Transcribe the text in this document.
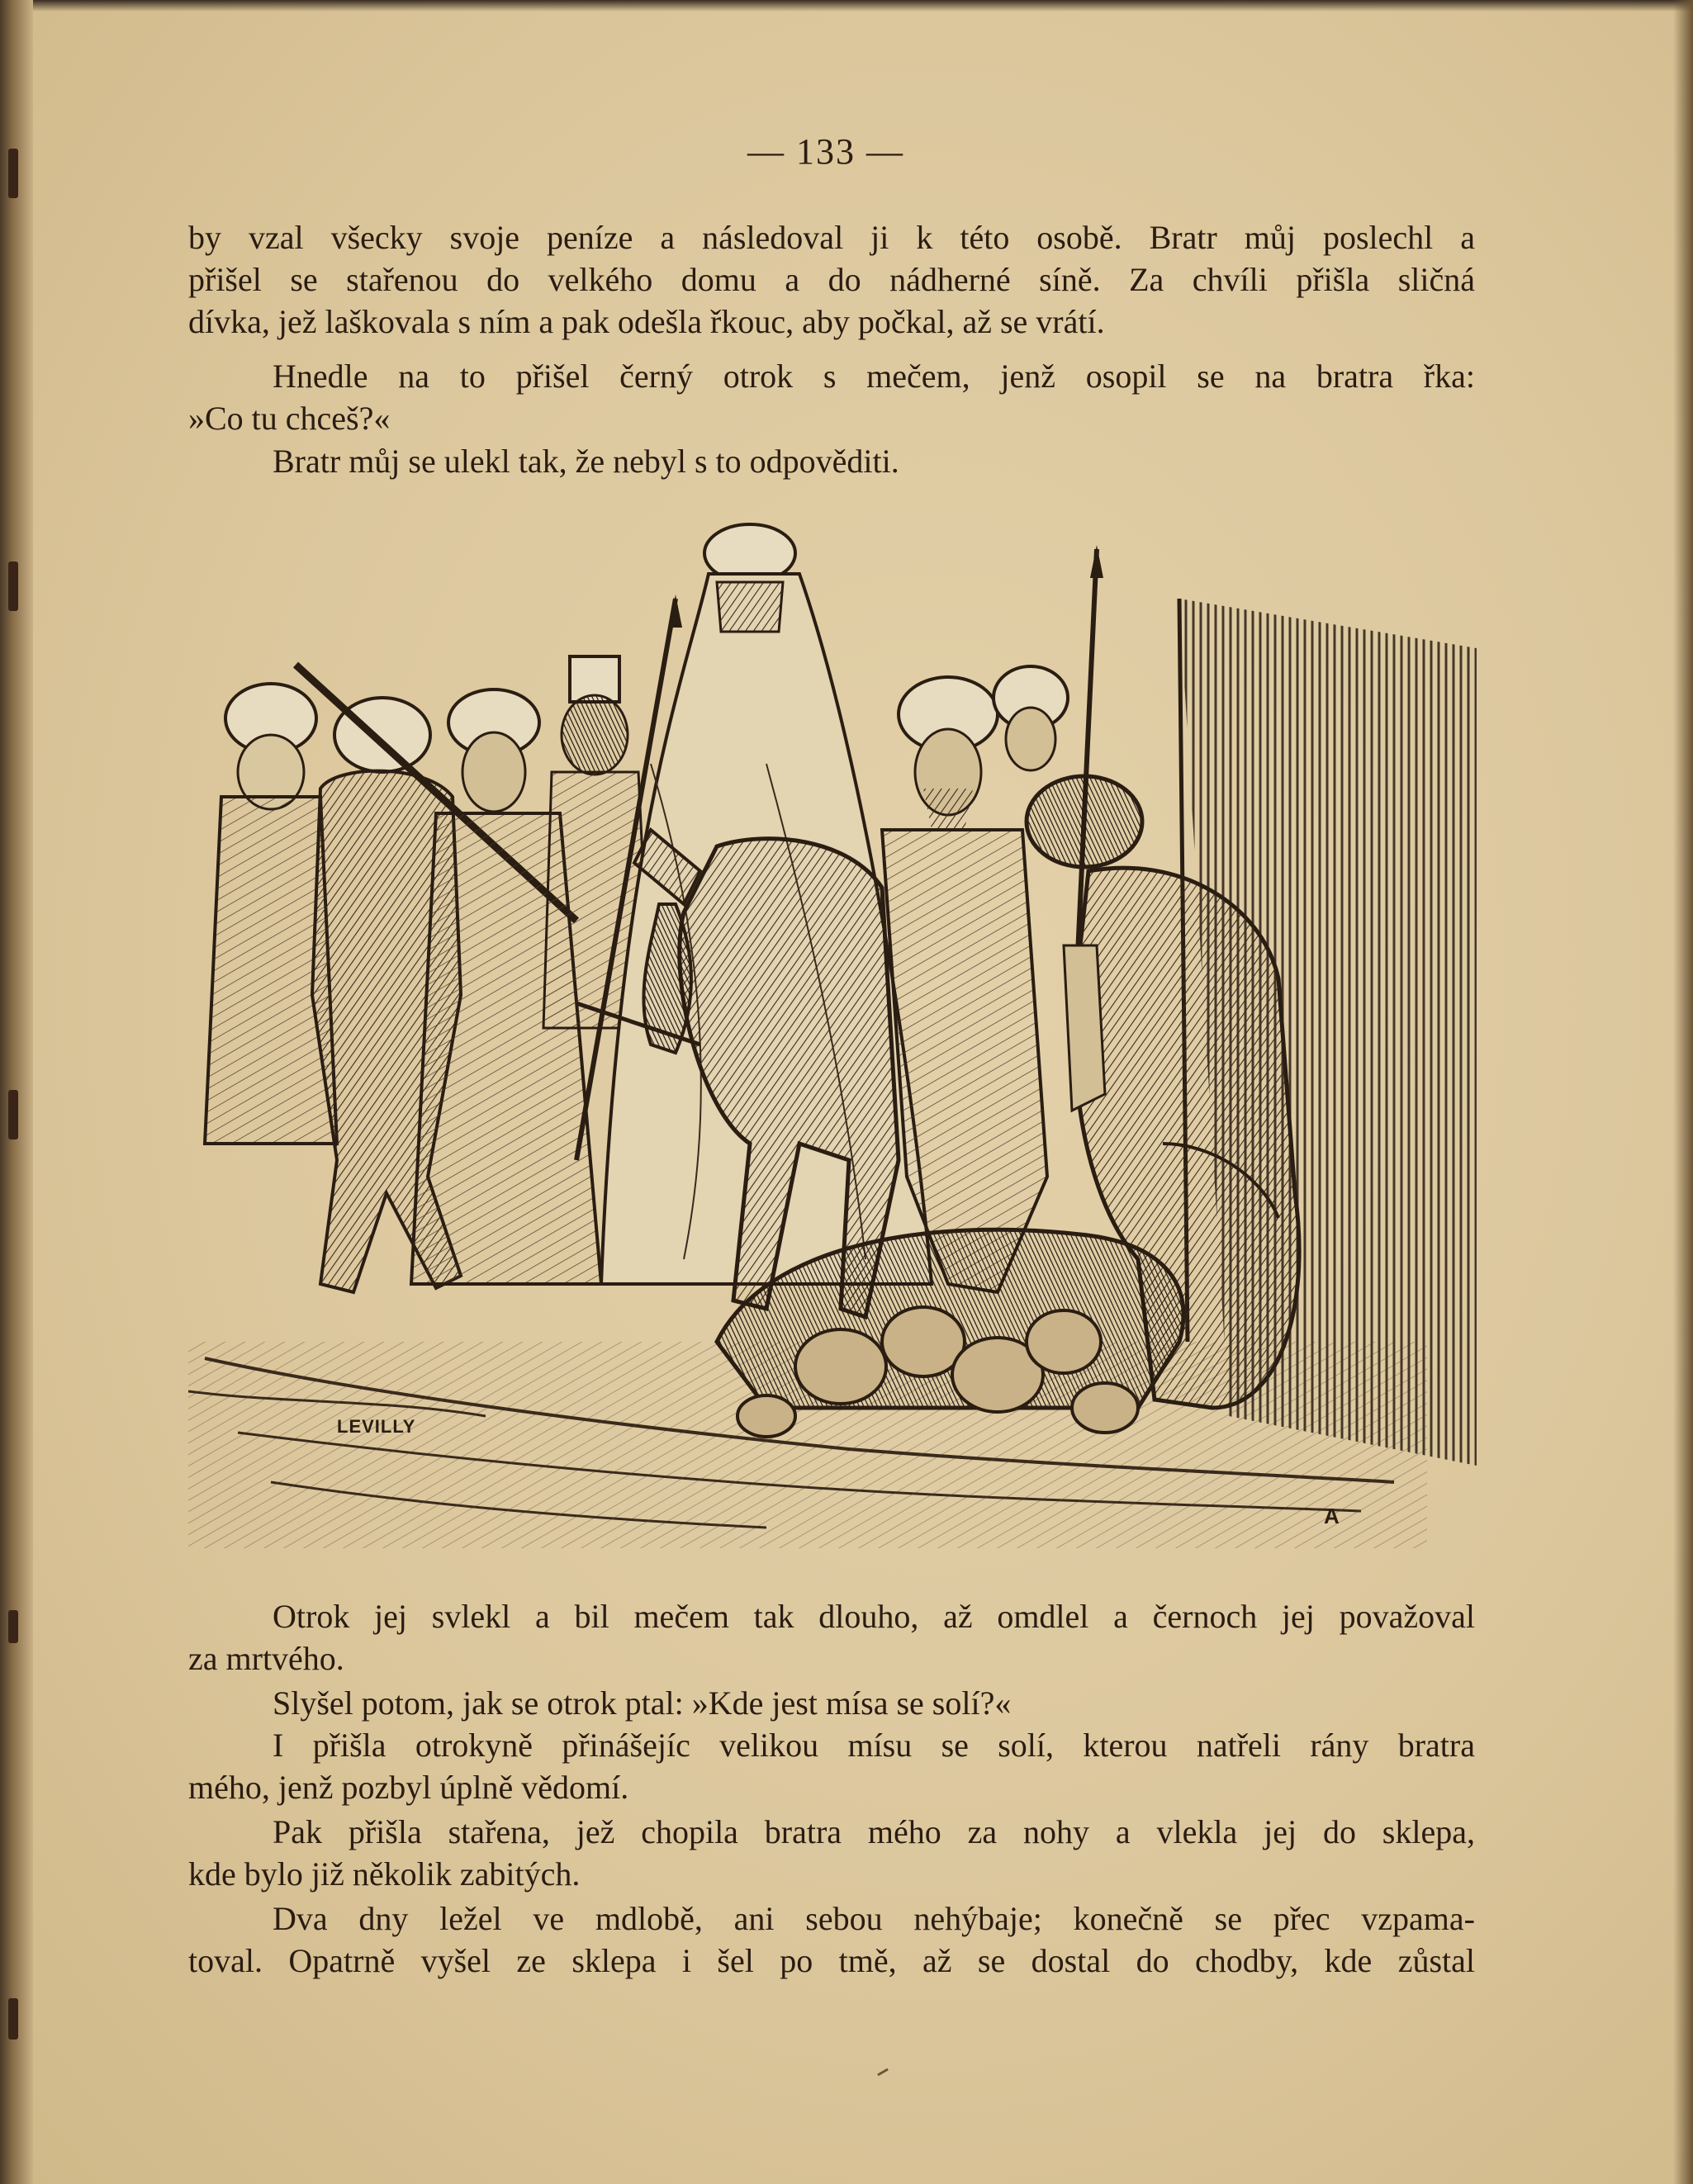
— 133 —
by vzal všecky svoje peníze a následoval ji k této osobě. Bratr můj poslechl a
přišel se stařenou do velkého domu a do nádherné síně. Za chvíli přišla sličná
dívka, jež laškovala s ním a pak odešla řkouc, aby počkal, až se vrátí.
Hnedle na to přišel černý otrok s mečem, jenž osopil se na bratra řka:
»Co tu chceš?«
Bratr můj se ulekl tak, že nebyl s to odpověditi.
LEVILLY
A
Otrok jej svlekl a bil mečem tak dlouho, až omdlel a černoch jej považoval
za mrtvého.
Slyšel potom, jak se otrok ptal: »Kde jest mísa se solí?«
I přišla otrokyně přinášejíc velikou mísu se solí, kterou natřeli rány bratra
mého, jenž pozbyl úplně vědomí.
Pak přišla stařena, jež chopila bratra mého za nohy a vlekla jej do sklepa,
kde bylo již několik zabitých.
Dva dny ležel ve mdlobě, ani sebou nehýbaje; konečně se přec vzpama-
toval. Opatrně vyšel ze sklepa i šel po tmě, až se dostal do chodby, kde zůstal
